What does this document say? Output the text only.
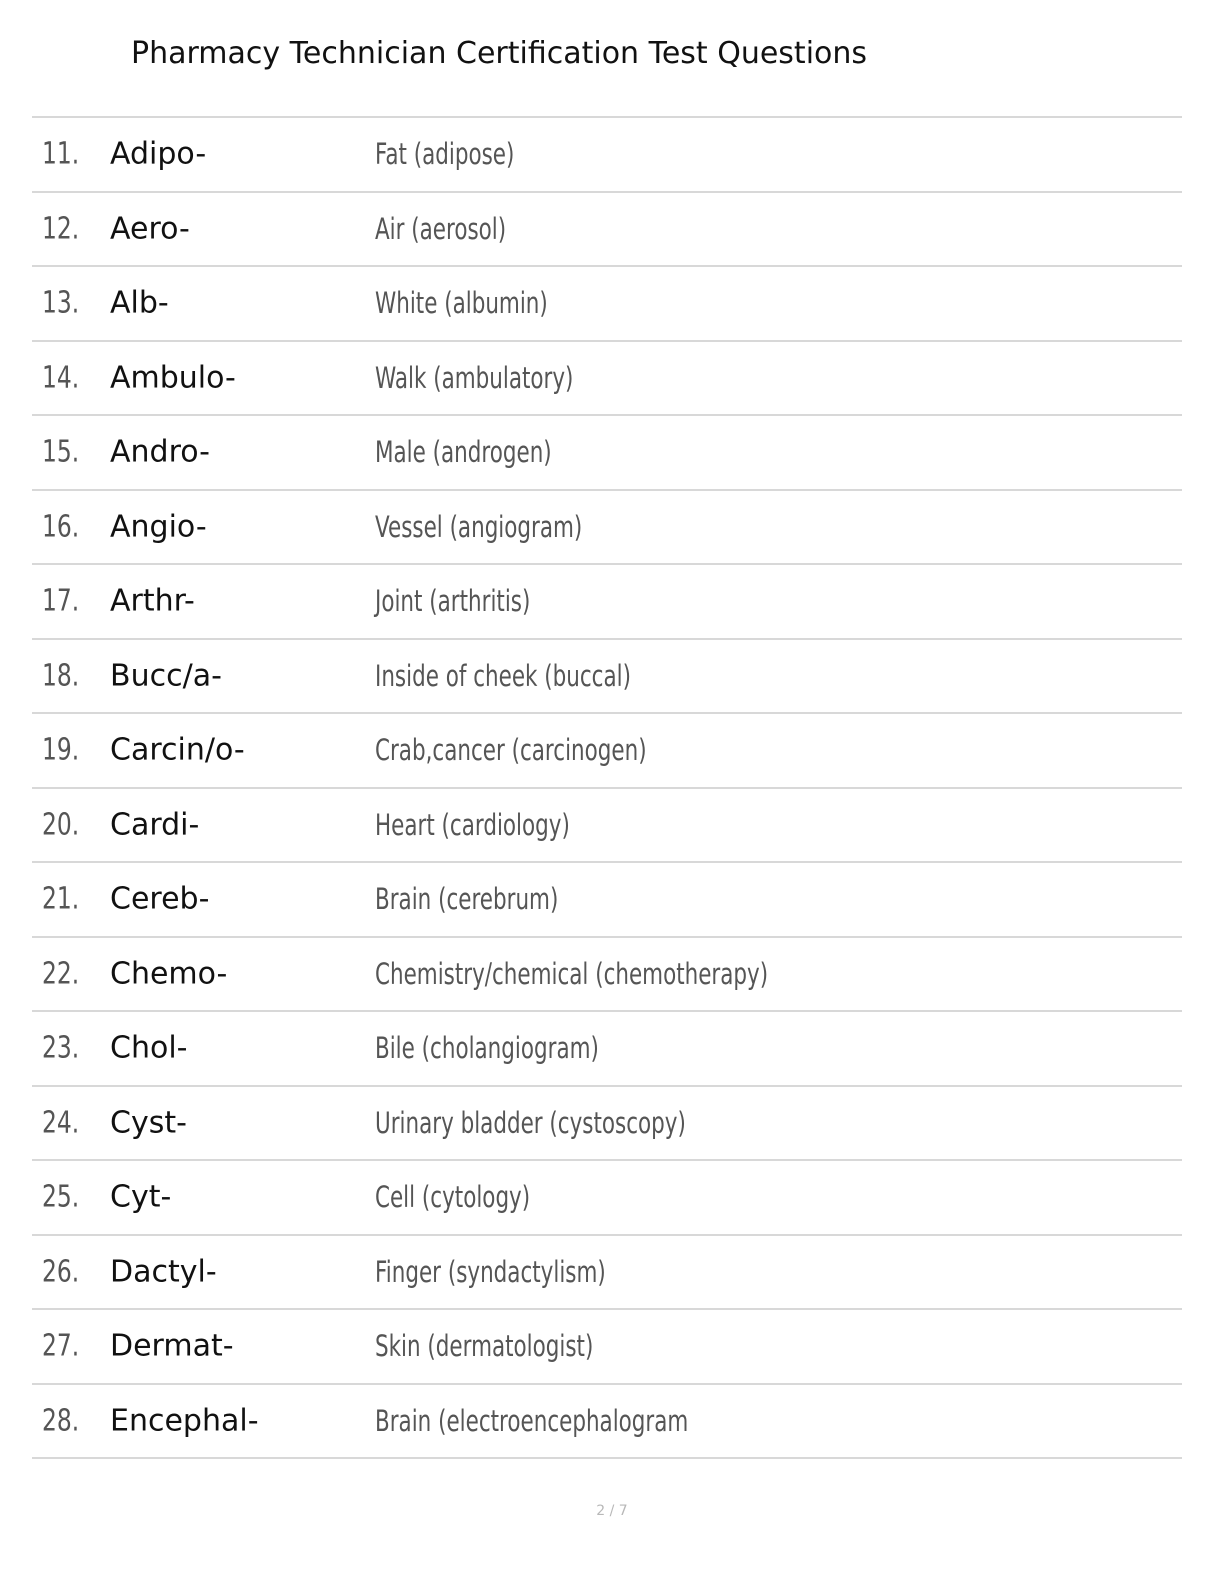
Pharmacy Technician Certification Test Questions
11. Adipo-	Fat (adipose)
12. Aero-	Air (aerosol)
13. Alb-	White (albumin)
14. Ambulo-	Walk (ambulatory)
15. Andro-	Male (androgen)
16. Angio-	Vessel (angiogram)
17. Arthr-	Joint (arthritis)
18. Bucc/a-	Inside of cheek (buccal)
19. Carcin/o-	Crab,cancer (carcinogen)
20. Cardi-	Heart (cardiology)
21. Cereb-	Brain (cerebrum)
22. Chemo-	Chemistry/chemical (chemotherapy)
23. Chol-	Bile (cholangiogram)
24. Cyst-	Urinary bladder (cystoscopy)
25. Cyt-	Cell (cytology)
26. Dactyl-	Finger (syndactylism)
27. Dermat-	Skin (dermatologist)
28. Encephal-	Brain (electroencephalogram
2 / 7
